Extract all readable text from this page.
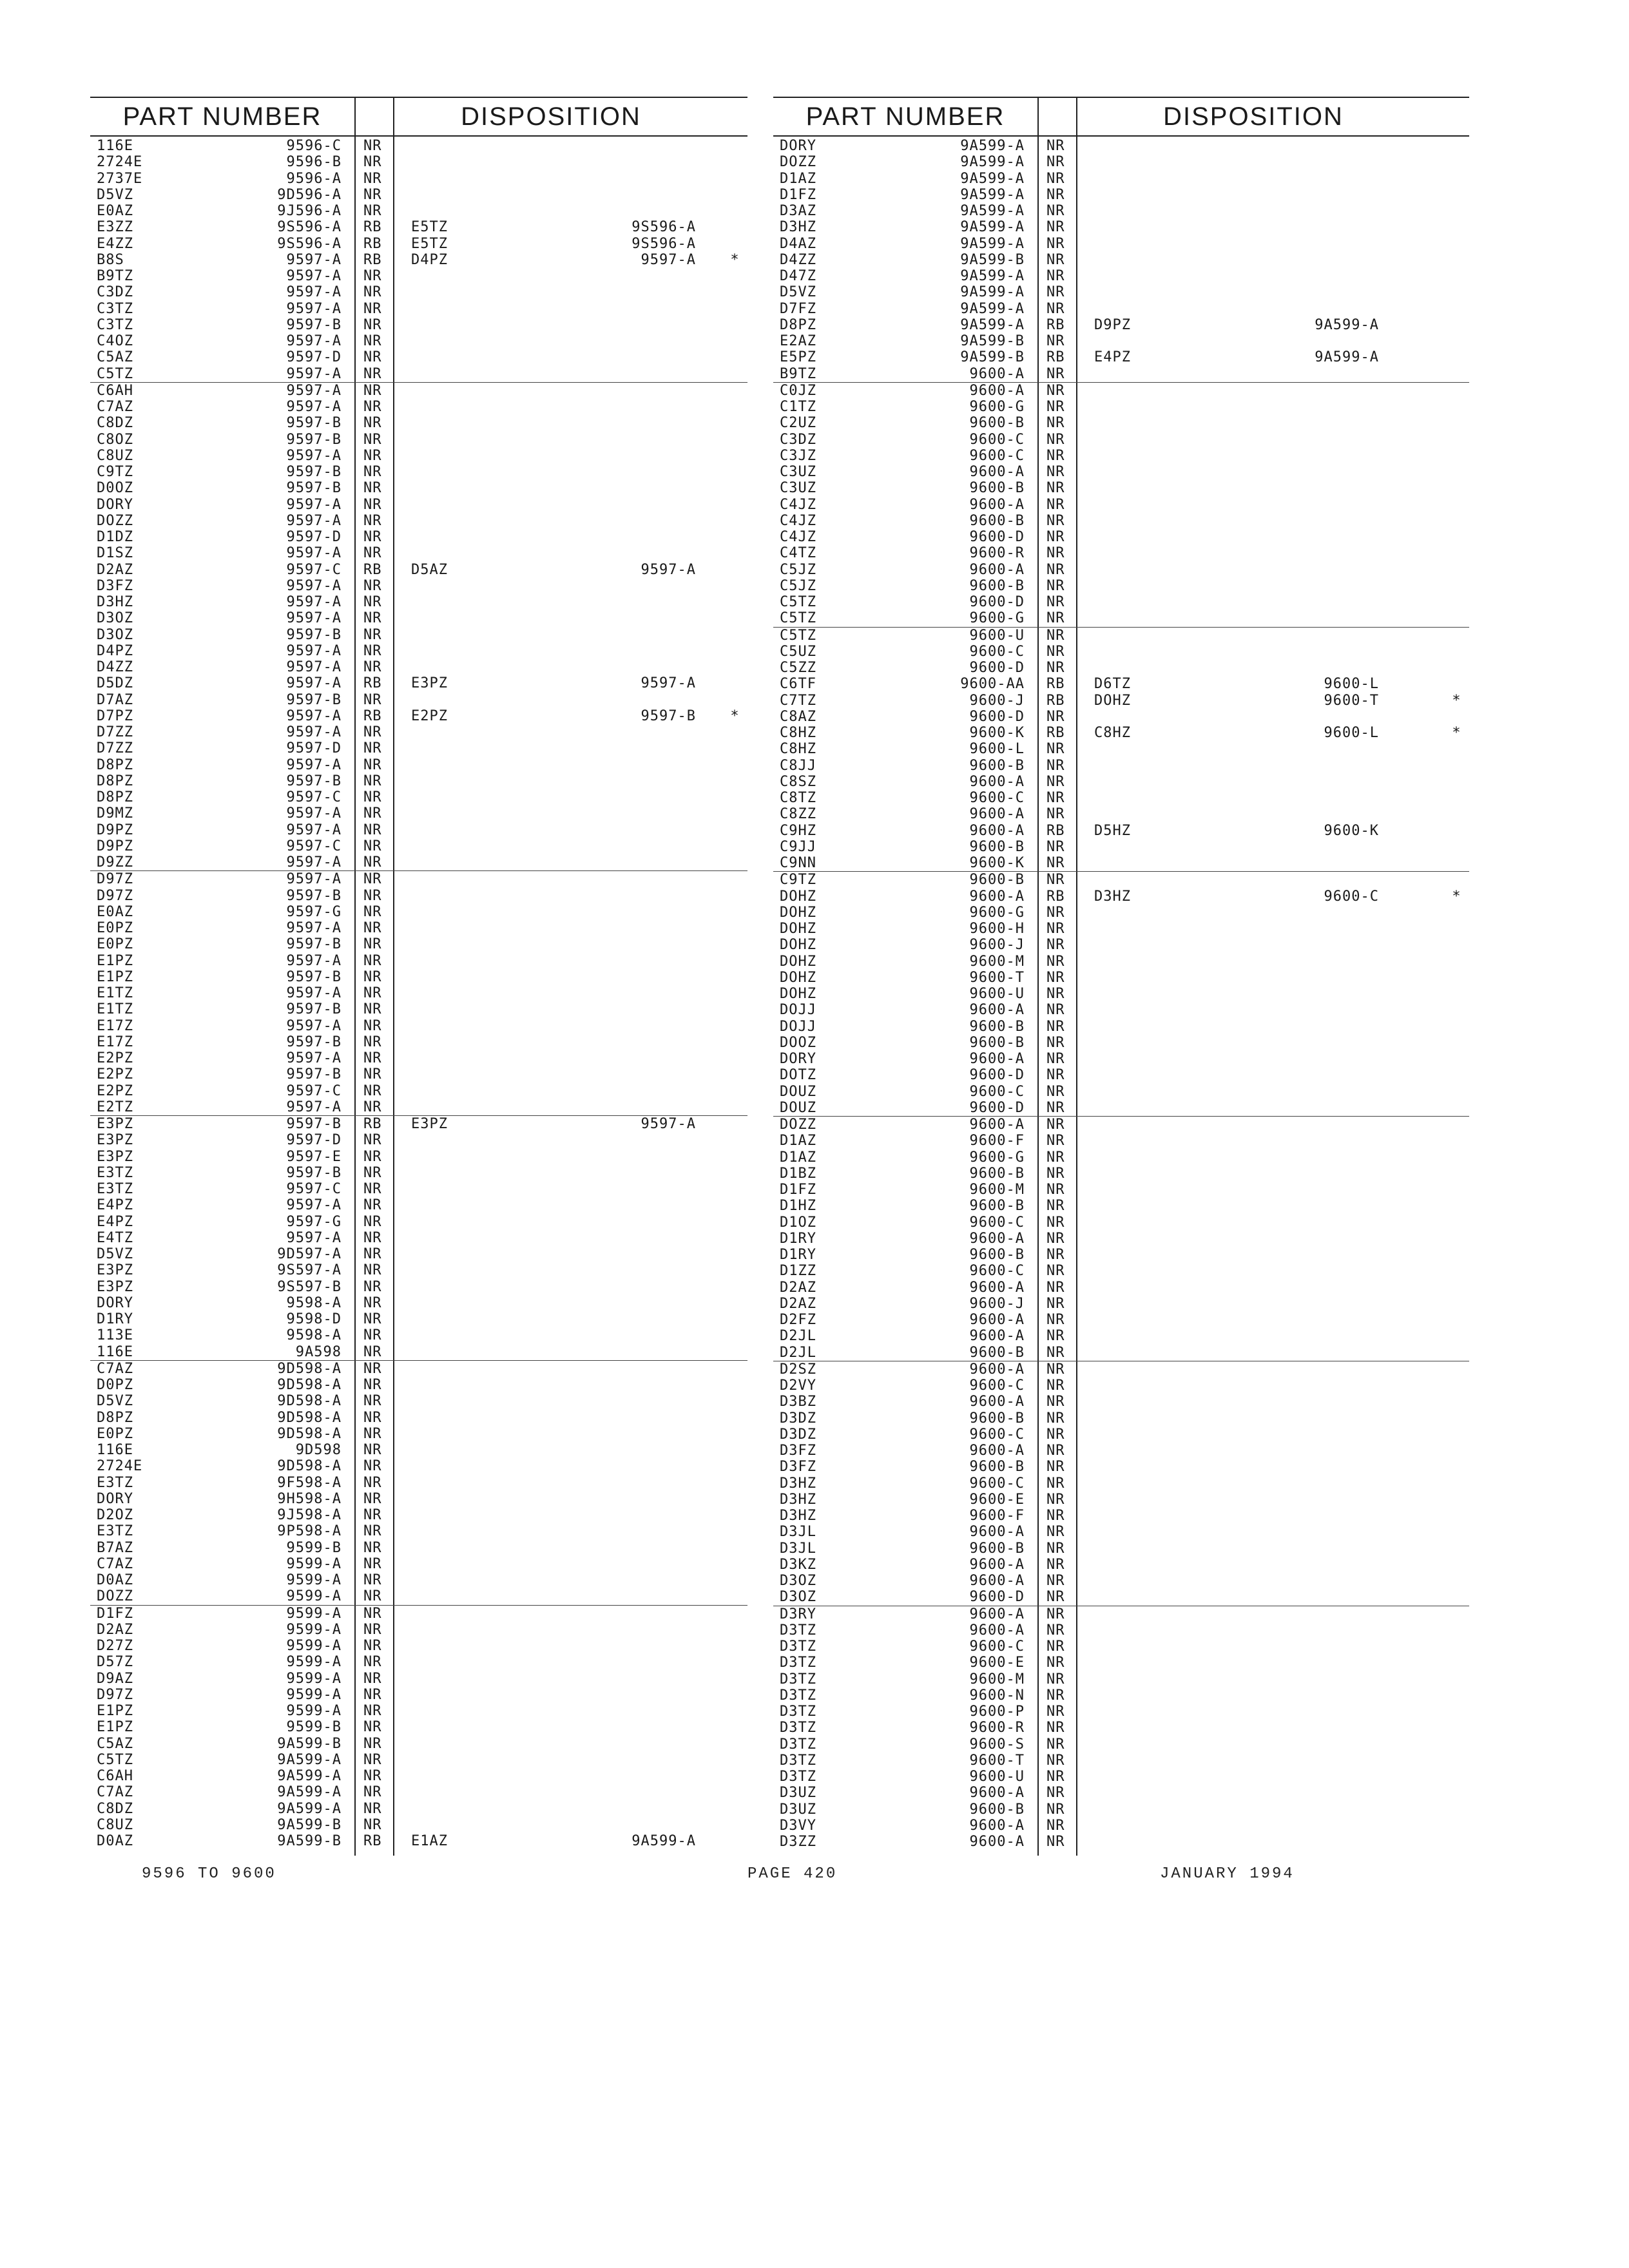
PART NUMBER	DISPOSITION
116E	9596-C NR
2724E	9596-B NR
2737E	9596-A NR
D5VZ	9D596-A NR
E0AZ	9J596-A NR
E3ZZ	9S596-A RB	E5TZ	9S596-A
E4ZZ	9S596-A RB	E5TZ	9S596-A
B8S	9597-A RB	D4PZ	9597-A *
B9TZ	9597-A NR
C3DZ	9597-A NR
C3TZ	9597-A NR
C3TZ	9597-B NR
C4OZ	9597-A NR
C5AZ	9597-D NR
C5TZ	9597-A NR
C6AH	9597-A NR
C7AZ	9597-A NR
C8DZ	9597-B NR
C8OZ	9597-B NR
C8UZ	9597-A NR
C9TZ	9597-B NR
D0OZ	9597-B NR
DORY	9597-A NR
DOZZ	9597-A NR
D1DZ	9597-D NR
D1SZ	9597-A NR
D2AZ	9597-C RB	D5AZ	9597-A
D3FZ	9597-A NR
D3HZ	9597-A NR
D3OZ	9597-A NR
D3OZ	9597-B NR
D4PZ	9597-A NR
D4ZZ	9597-A NR
D5DZ	9597-A RB	E3PZ	9597-A
D7AZ	9597-B NR
D7PZ	9597-A RB	E2PZ	9597-B *
D7ZZ	9597-A NR
D7ZZ	9597-D NR
D8PZ	9597-A NR
D8PZ	9597-B NR
D8PZ	9597-C NR
D9MZ	9597-A NR
D9PZ	9597-A NR
D9PZ	9597-C NR
D9ZZ	9597-A NR
D97Z	9597-A NR
D97Z	9597-B NR
E0AZ	9597-G NR
E0PZ	9597-A NR
E0PZ	9597-B NR
E1PZ	9597-A NR
E1PZ	9597-B NR
E1TZ	9597-A NR
E1TZ	9597-B NR
E17Z	9597-A NR
E17Z	9597-B NR
E2PZ	9597-A NR
E2PZ	9597-B NR
E2PZ	9597-C NR
E2TZ	9597-A NR
E3PZ	9597-B RB	E3PZ	9597-A
E3PZ	9597-D NR
E3PZ	9597-E NR
E3TZ	9597-B NR
E3TZ	9597-C NR
E4PZ	9597-A NR
E4PZ	9597-G NR
E4TZ	9597-A NR
D5VZ	9D597-A NR
E3PZ	9S597-A NR
E3PZ	9S597-B NR
DORY	9598-A NR
D1RY	9598-D NR
113E	9598-A NR
116E	9A598 NR
C7AZ	9D598-A NR
D0PZ	9D598-A NR
D5VZ	9D598-A NR
D8PZ	9D598-A NR
E0PZ	9D598-A NR
116E	9D598 NR
2724E	9D598-A NR
E3TZ	9F598-A NR
DORY	9H598-A NR
D2OZ	9J598-A NR
E3TZ	9P598-A NR
B7AZ	9599-B NR
C7AZ	9599-A NR
D0AZ	9599-A NR
DOZZ	9599-A NR
D1FZ	9599-A NR
D2AZ	9599-A NR
D27Z	9599-A NR
D57Z	9599-A NR
D9AZ	9599-A NR
D97Z	9599-A NR
E1PZ	9599-A NR
E1PZ	9599-B NR
C5AZ	9A599-B NR
C5TZ	9A599-A NR
C6AH	9A599-A NR
C7AZ	9A599-A NR
C8DZ	9A599-A NR
C8UZ	9A599-B NR
D0AZ	9A599-B RB	E1AZ	9A599-A
PART NUMBER	DISPOSITION
DORY	9A599-A NR
DOZZ	9A599-A NR
D1AZ	9A599-A NR
D1FZ	9A599-A NR
D3AZ	9A599-A NR
D3HZ	9A599-A NR
D4AZ	9A599-A NR
D4ZZ	9A599-B NR
D47Z	9A599-A NR
D5VZ	9A599-A NR
D7FZ	9A599-A NR
D8PZ	9A599-A RB	D9PZ	9A599-A
E2AZ	9A599-B NR
E5PZ	9A599-B RB	E4PZ	9A599-A
B9TZ	9600-A NR
C0JZ	9600-A NR
C1TZ	9600-G NR
C2UZ	9600-B NR
C3DZ	9600-C NR
C3JZ	9600-C NR
C3UZ	9600-A NR
C3UZ	9600-B NR
C4JZ	9600-A NR
C4JZ	9600-B NR
C4JZ	9600-D NR
C4TZ	9600-R NR
C5JZ	9600-A NR
C5JZ	9600-B NR
C5TZ	9600-D NR
C5TZ	9600-G NR
C5TZ	9600-U NR
C5UZ	9600-C NR
C5ZZ	9600-D NR
C6TF	9600-AA RB	D6TZ	9600-L
C7TZ	9600-J RB	DOHZ	9600-T	*
C8AZ	9600-D NR
C8HZ	9600-K RB	C8HZ	9600-L	*
C8HZ	9600-L NR
C8JJ	9600-B NR
C8SZ	9600-A NR
C8TZ	9600-C NR
C8ZZ	9600-A NR
C9HZ	9600-A RB	D5HZ	9600-K
C9JJ	9600-B NR
C9NN	9600-K NR
C9TZ	9600-B NR
DOHZ	9600-A RB	D3HZ	9600-C	*
DOHZ	9600-G NR
DOHZ	9600-H NR
DOHZ	9600-J NR
DOHZ	9600-M NR
DOHZ	9600-T NR
DOHZ	9600-U NR
DOJJ	9600-A NR
DOJJ	9600-B NR
DOOZ	9600-B NR
DORY	9600-A NR
DOTZ	9600-D NR
DOUZ	9600-C NR
DOUZ	9600-D NR
DOZZ	9600-A NR
D1AZ	9600-F NR
D1AZ	9600-G NR
D1BZ	9600-B NR
D1FZ	9600-M NR
D1HZ	9600-B NR
D1OZ	9600-C NR
D1RY	9600-A NR
D1RY	9600-B NR
D1ZZ	9600-C NR
D2AZ	9600-A NR
D2AZ	9600-J NR
D2FZ	9600-A NR
D2JL	9600-A NR
D2JL	9600-B NR
D2SZ	9600-A NR
D2VY	9600-C NR
D3BZ	9600-A NR
D3DZ	9600-B NR
D3DZ	9600-C NR
D3FZ	9600-A NR
D3FZ	9600-B NR
D3HZ	9600-C NR
D3HZ	9600-E NR
D3HZ	9600-F NR
D3JL	9600-A NR
D3JL	9600-B NR
D3KZ	9600-A NR
D3OZ	9600-A NR
D3OZ	9600-D NR
D3RY	9600-A NR
D3TZ	9600-A NR
D3TZ	9600-C NR
D3TZ	9600-E NR
D3TZ	9600-M NR
D3TZ	9600-N NR
D3TZ	9600-P NR
D3TZ	9600-R NR
D3TZ	9600-S NR
D3TZ	9600-T NR
D3TZ	9600-U NR
D3UZ	9600-A NR
D3UZ	9600-B NR
D3VY	9600-A NR
D3ZZ	9600-A NR
9596 TO 9600	PAGE 420	JANUARY 1994
